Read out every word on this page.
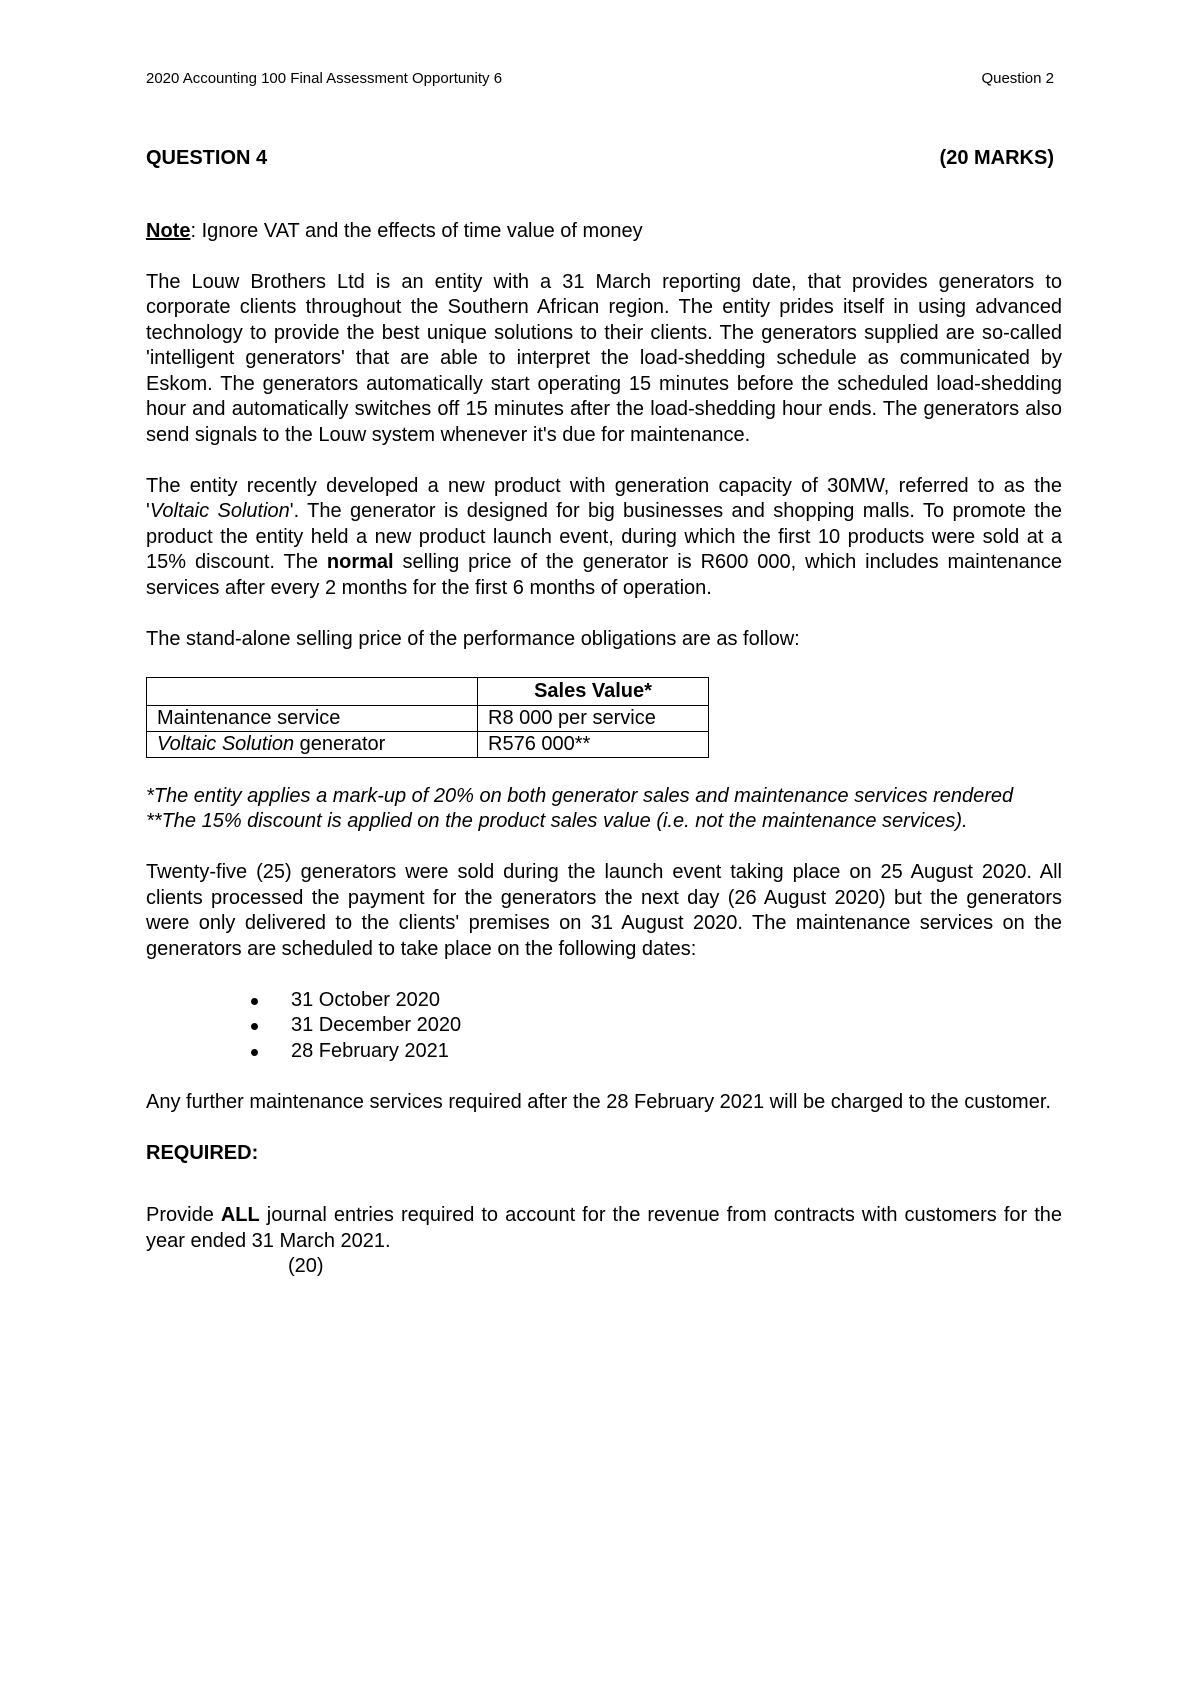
2020 Accounting 100 Final Assessment Opportunity 6	Question 2
QUESTION 4	(20 MARKS)

Note: Ignore VAT and the effects of time value of money

The Louw Brothers Ltd is an entity with a 31 March reporting date, that provides generators to corporate clients throughout the Southern African region. The entity prides itself in using advanced technology to provide the best unique solutions to their clients. The generators supplied are so-called 'intelligent generators' that are able to interpret the load-shedding schedule as communicated by Eskom. The generators automatically start operating 15 minutes before the scheduled load-shedding hour and automatically switches off 15 minutes after the load-shedding hour ends. The generators also send signals to the Louw system whenever it's due for maintenance.

The entity recently developed a new product with generation capacity of 30MW, referred to as the 'Voltaic Solution'. The generator is designed for big businesses and shopping malls. To promote the product the entity held a new product launch event, during which the first 10 products were sold at a 15% discount. The normal selling price of the generator is R600 000, which includes maintenance services after every 2 months for the first 6 months of operation.

The stand-alone selling price of the performance obligations are as follow:

	Sales Value*
Maintenance service	R8 000 per service
Voltaic Solution generator	R576 000**

*The entity applies a mark-up of 20% on both generator sales and maintenance services rendered

**The 15% discount is applied on the product sales value (i.e. not the maintenance services).

Twenty-five (25) generators were sold during the launch event taking place on 25 August 2020. All clients processed the payment for the generators the next day (26 August 2020) but the generators were only delivered to the clients' premises on 31 August 2020. The maintenance services on the generators are scheduled to take place on the following dates:

31 October 2020
31 December 2020
28 February 2021

Any further maintenance services required after the 28 February 2021 will be charged to the customer.

REQUIRED:

Provide ALL journal entries required to account for the revenue from contracts with customers for the year ended 31 March 2021.

(20)
